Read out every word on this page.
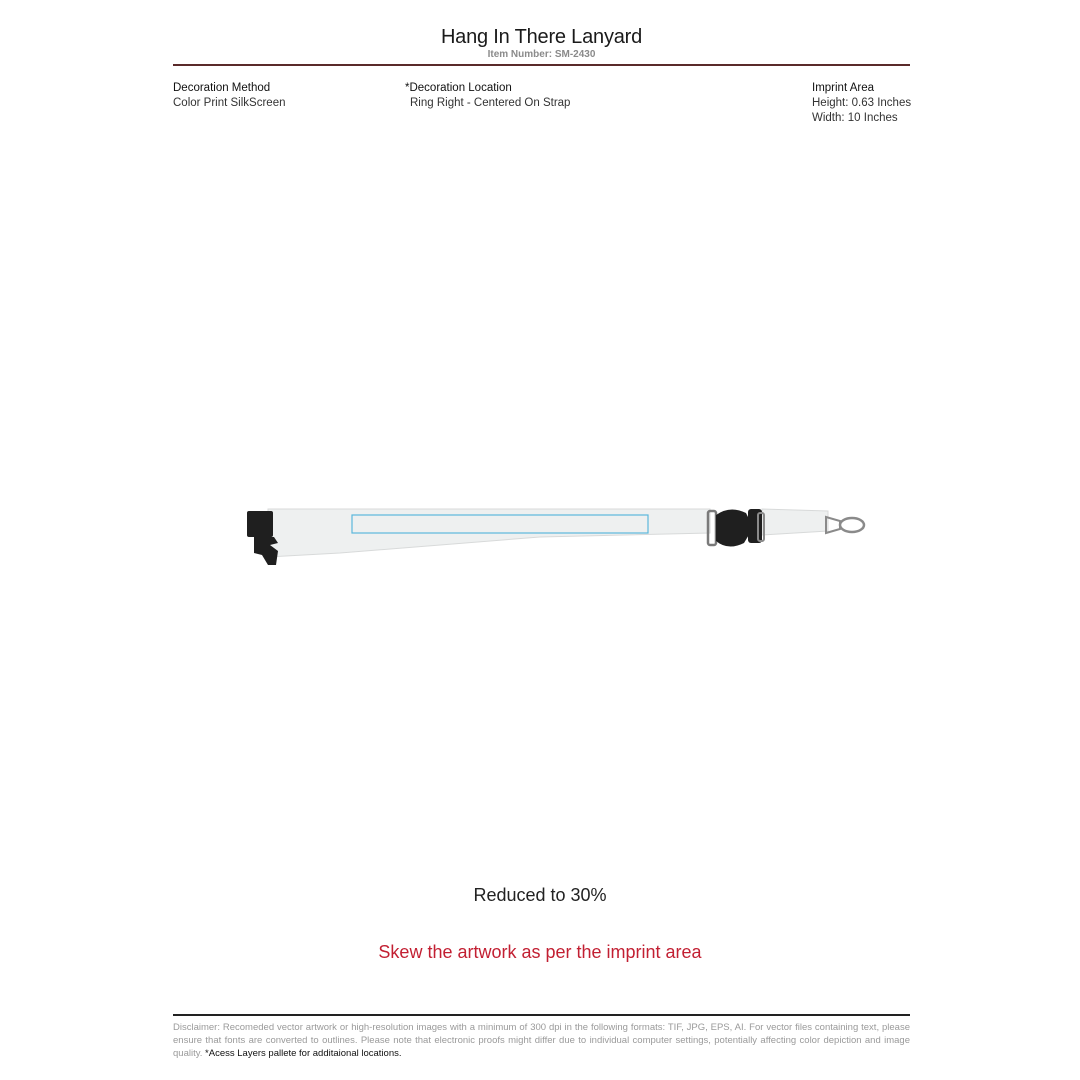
Hang In There Lanyard
Item Number: SM-2430
Decoration Method
Color Print SilkScreen
*Decoration Location
Ring Right - Centered On Strap
Imprint Area
Height: 0.63 Inches
Width: 10 Inches
Reduced to 30%
Skew the artwork as per the imprint area
Disclaimer: Recomeded vector artwork or high-resolution images with a minimum of 300 dpi in the following formats: TIF, JPG, EPS, AI. For vector files containing text, please ensure that fonts are converted to outlines. Please note that electronic proofs might differ due to individual computer settings, potentially affecting color depiction and image quality. *Acess Layers pallete for additaional locations.
